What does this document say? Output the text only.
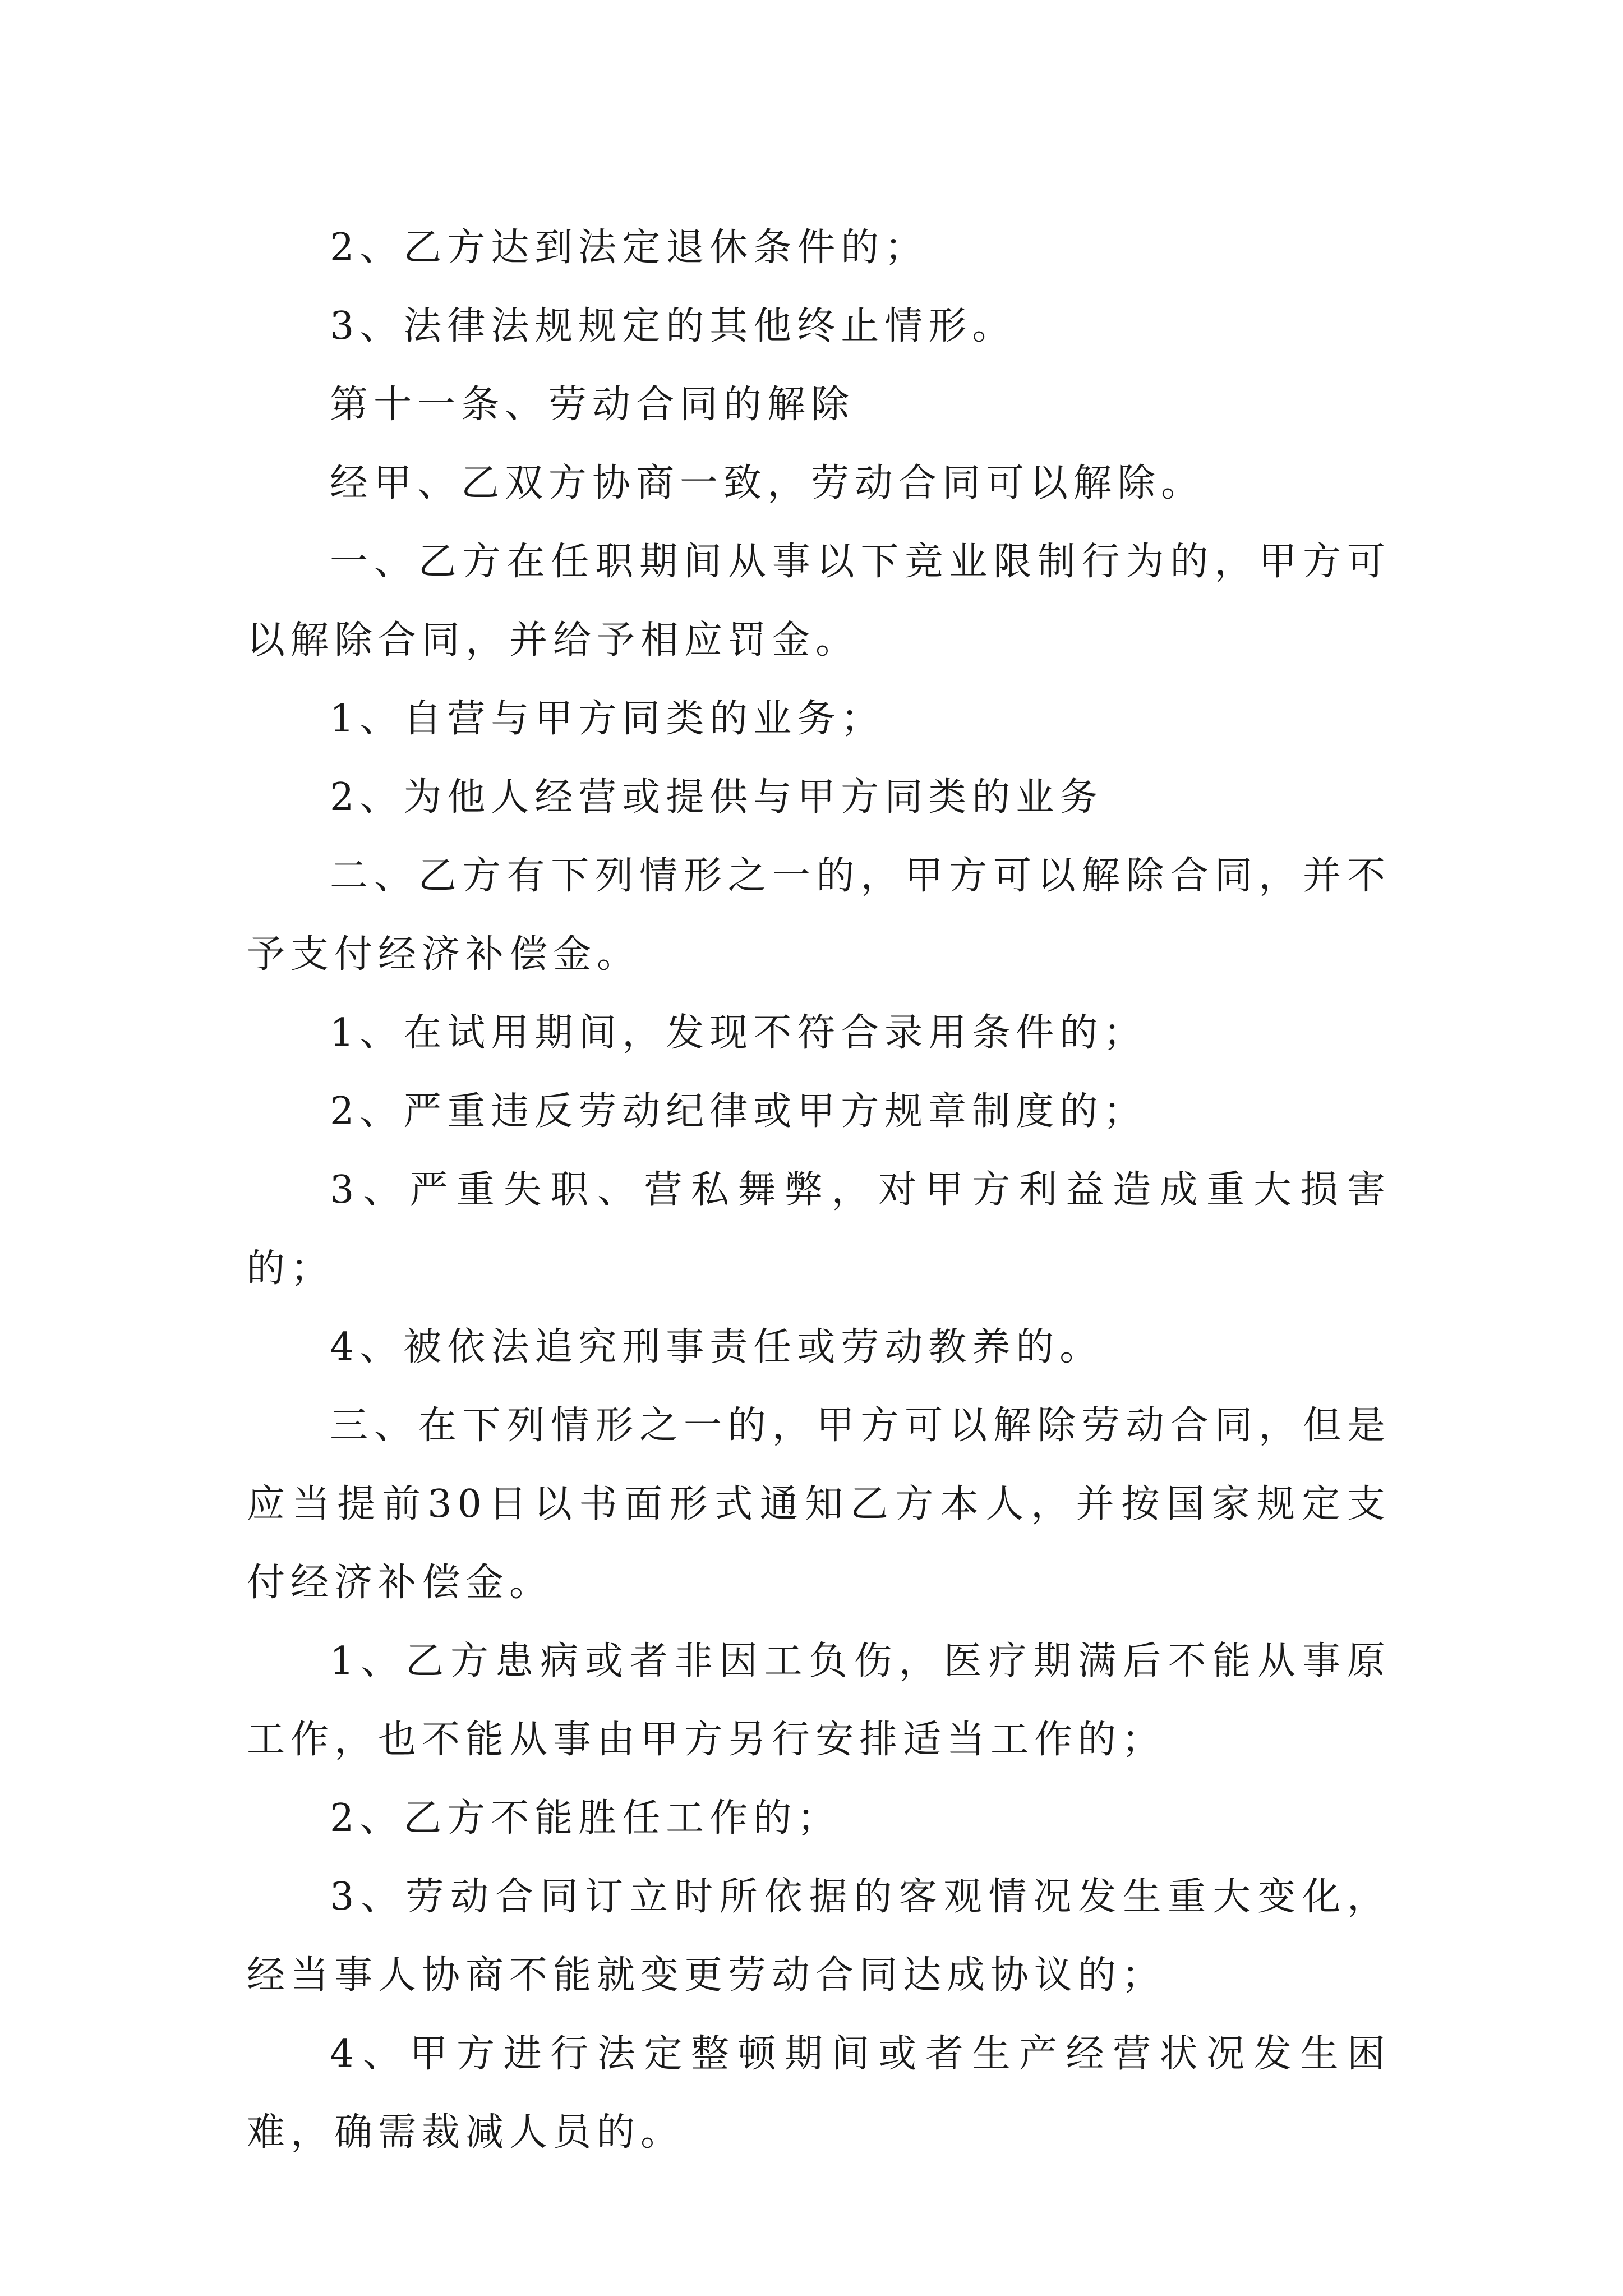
2、乙方达到法定退休条件的；

3、法律法规规定的其他终止情形。

第十一条、劳动合同的解除

经甲、乙双方协商一致，劳动合同可以解除。

一、乙方在任职期间从事以下竞业限制行为的，甲方可以解除合同，并给予相应罚金。

1、自营与甲方同类的业务；

2、为他人经营或提供与甲方同类的业务

二、乙方有下列情形之一的，甲方可以解除合同，并不予支付经济补偿金。

1、在试用期间，发现不符合录用条件的；

2、严重违反劳动纪律或甲方规章制度的；

3、严重失职、营私舞弊，对甲方利益造成重大损害的；

4、被依法追究刑事责任或劳动教养的。

三、在下列情形之一的，甲方可以解除劳动合同，但是应当提前30日以书面形式通知乙方本人，并按国家规定支付经济补偿金。

1、乙方患病或者非因工负伤，医疗期满后不能从事原工作，也不能从事由甲方另行安排适当工作的；

2、乙方不能胜任工作的；

3、劳动合同订立时所依据的客观情况发生重大变化，经当事人协商不能就变更劳动合同达成协议的；

4、甲方进行法定整顿期间或者生产经营状况发生困难，确需裁减人员的。
